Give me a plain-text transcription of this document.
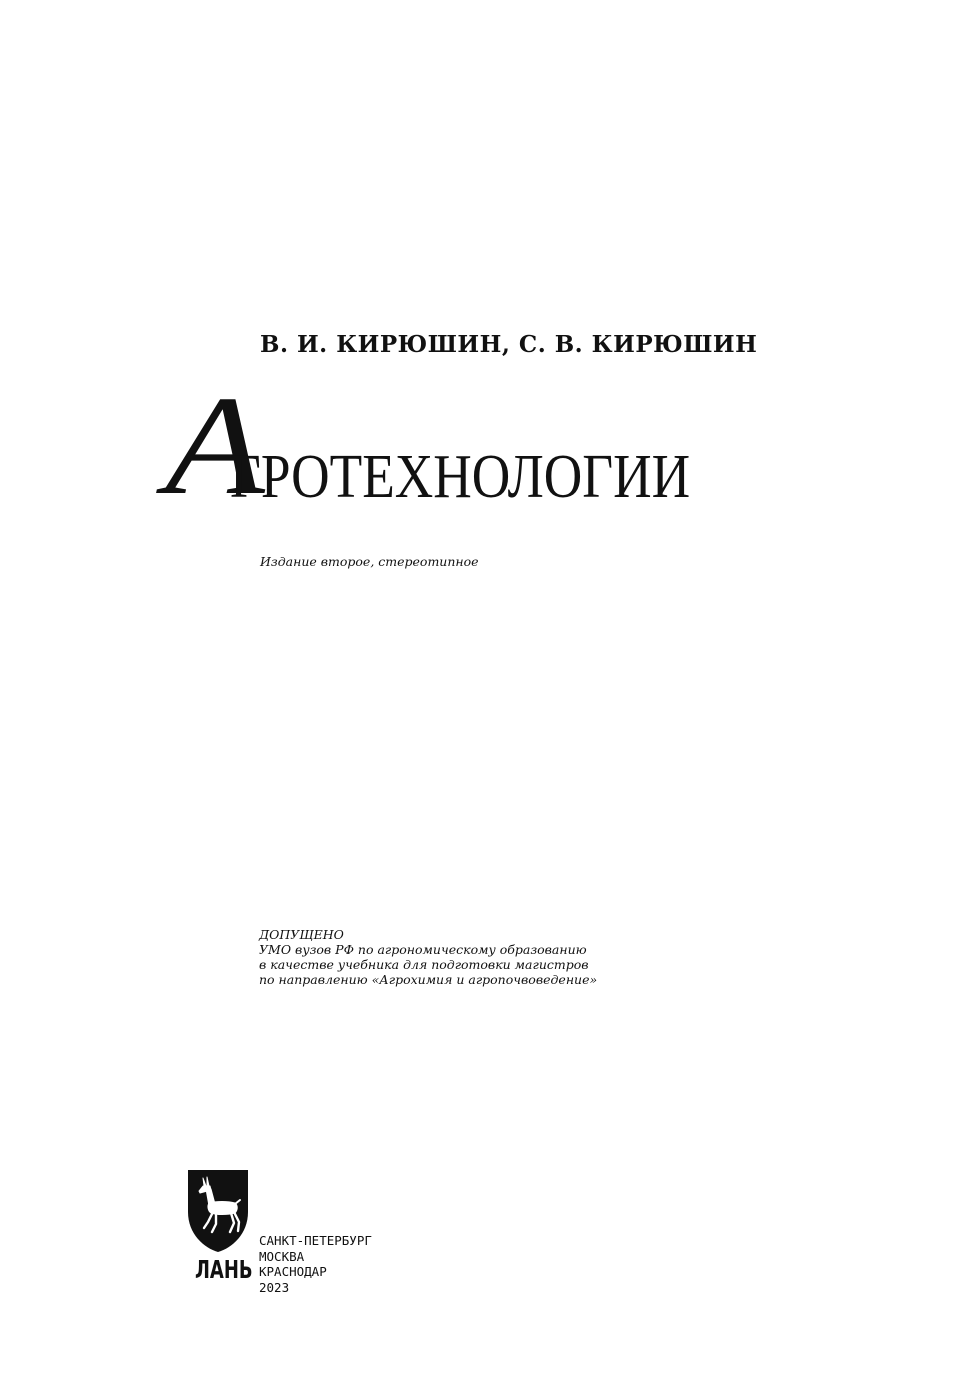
В. И. КИРЮШИН, С. В. КИРЮШИН
А
ГРОТЕХНОЛОГИИ
Издание второе, стереотипное
ДОПУЩЕНО
УМО вузов РФ по агрономическому образованию
в качестве учебника для подготовки магистров
по направлению «Агрохимия и агропочвоведение»
ЛАНЬ
САНКТ-ПЕТЕРБУРГ
МОСКВА
КРАСНОДАР
2023
